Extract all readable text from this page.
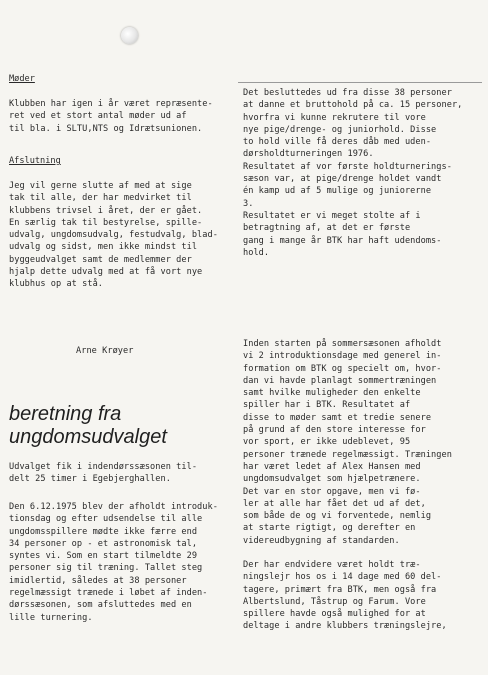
Møder

Klubben har igen i år været repræsente-
ret ved et stort antal møder ud af
til bla. i SLTU,NTS og Idrætsunionen.

Afslutning

Jeg vil gerne slutte af med at sige
tak til alle, der har medvirket til
klubbens trivsel i året, der er gået.
En særlig tak til bestyrelse, spille-
udvalg, ungdomsudvalg, festudvalg, blad-
udvalg og sidst, men ikke mindst til
byggeudvalget samt de medlemmer der
hjalp dette udvalg med at få vort nye
klubhus op at stå.

Arne Krøyer

beretning fra
ungdomsudvalget

Udvalget fik i indendørssæsonen til-
delt 25 timer i Egebjerghallen.

Den 6.12.1975 blev der afholdt introduk-
tionsdag og efter udsendelse til alle
ungdomsspillere mødte ikke færre end
34 personer op - et astronomisk tal,
syntes vi. Som en start tilmeldte 29
personer sig til træning. Tallet steg
imidlertid, således at 38 personer
regelmæssigt trænede i løbet af inden-
dørssæsonen, som afsluttedes med en
lille turnering.

Det besluttedes ud fra disse 38 personer
at danne et bruttohold på ca. 15 personer,
hvorfra vi kunne rekrutere til vore
nye pige/drenge- og juniorhold. Disse
to hold ville få deres dåb med uden-
dørsholdturneringen 1976.
Resultatet af vor første holdturnerings-
sæson var, at pige/drenge holdet vandt
én kamp ud af 5 mulige og juniorerne
3.
Resultatet er vi meget stolte af i
betragtning af, at det er første
gang i mange år BTK har haft udendoms-
hold.

Inden starten på sommersæsonen afholdt
vi 2 introduktionsdage med generel in-
formation om BTK og specielt om, hvor-
dan vi havde planlagt sommertræningen
samt hvilke muligheder den enkelte
spiller har i BTK. Resultatet af
disse to møder samt et tredie senere
på grund af den store interesse for
vor sport, er ikke udeblevet, 95
personer trænede regelmæssigt. Træningen
har været ledet af Alex Hansen med
ungdomsudvalget som hjælpetrænere.
Det var en stor opgave, men vi fø-
ler at alle har fået det ud af det,
som både de og vi forventede, nemlig
at starte rigtigt, og derefter en
videreudbygning af standarden.

Der har endvidere været holdt træ-
ningslejr hos os i 14 dage med 60 del-
tagere, primært fra BTK, men også fra
Albertslund, Tåstrup og Farum. Vore
spillere havde også mulighed for at
deltage i andre klubbers træningslejre,
